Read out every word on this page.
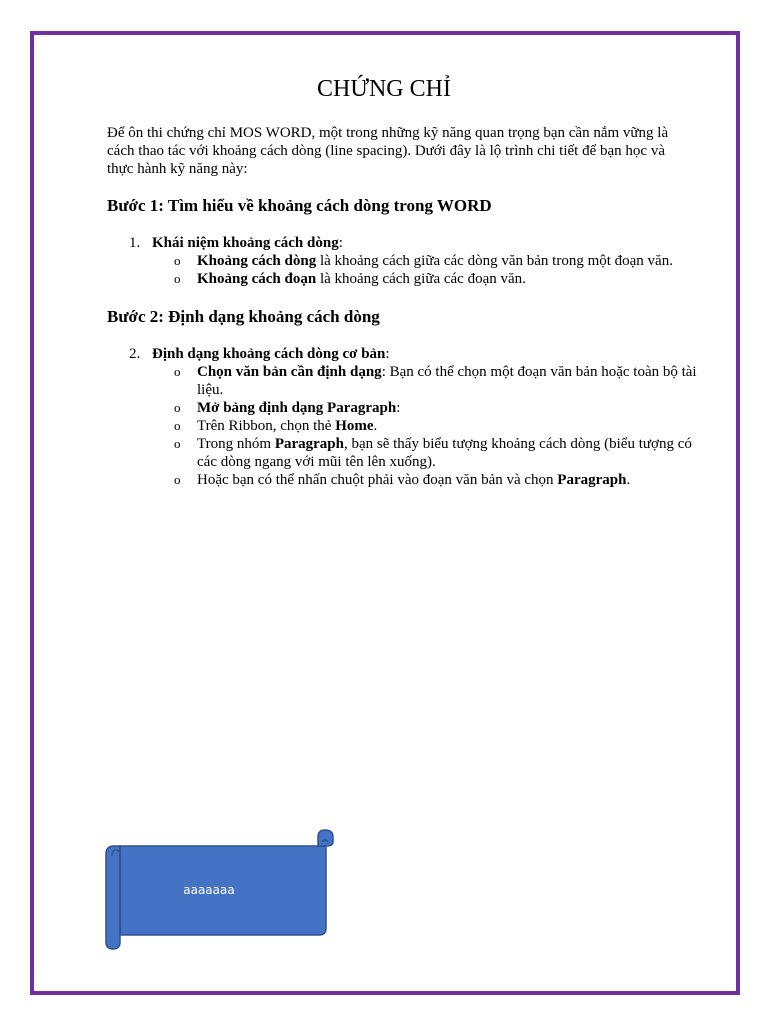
CHỨNG CHỈ

Để ôn thi chứng chỉ MOS WORD, một trong những kỹ năng quan trọng bạn cần nắm vững là cách thao tác với khoảng cách dòng (line spacing). Dưới đây là lộ trình chi tiết để bạn học và thực hành kỹ năng này:

Bước 1: Tìm hiểu về khoảng cách dòng trong WORD
1. Khái niệm khoảng cách dòng:
o Khoảng cách dòng là khoảng cách giữa các dòng văn bản trong một đoạn văn.
o Khoảng cách đoạn là khoảng cách giữa các đoạn văn.
Bước 2: Định dạng khoảng cách dòng
2. Định dạng khoảng cách dòng cơ bản:
o Chọn văn bản cần định dạng: Bạn có thể chọn một đoạn văn bản hoặc toàn bộ tài liệu.
o Mở bảng định dạng Paragraph:
o Trên Ribbon, chọn thẻ Home.
o Trong nhóm Paragraph, bạn sẽ thấy biểu tượng khoảng cách dòng (biểu tượng có các dòng ngang với mũi tên lên xuống).
o Hoặc bạn có thể nhấn chuột phải vào đoạn văn bản và chọn Paragraph.
aaaaaaa
